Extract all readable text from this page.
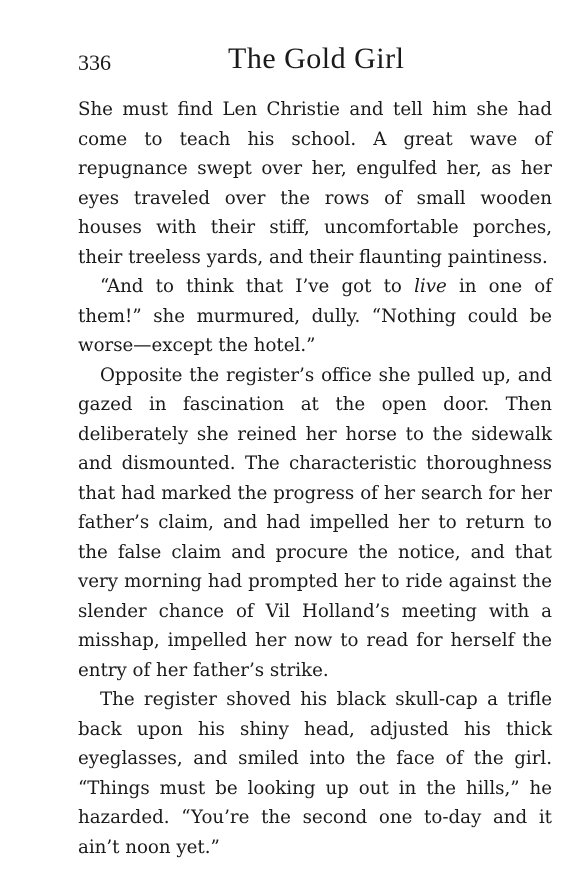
336	The Gold Girl

She must find Len Christie and tell him she had come to teach his school. A great wave of repugnance swept over her, engulfed her, as her eyes traveled over the rows of small wooden houses with their stiff, uncomfortable porches, their treeless yards, and their flaunting paintiness.

“And to think that I’ve got to live in one of them!” she murmured, dully. “Nothing could be worse—except the hotel.”

Opposite the register’s office she pulled up, and gazed in fascination at the open door. Then deliberately she reined her horse to the sidewalk and dismounted. The characteristic thoroughness that had marked the progress of her search for her father’s claim, and had impelled her to return to the false claim and procure the notice, and that very morning had prompted her to ride against the slender chance of Vil Holland’s meeting with a misshap, impelled her now to read for herself the entry of her father’s strike.

The register shoved his black skull-cap a trifle back upon his shiny head, adjusted his thick eyeglasses, and smiled into the face of the girl. “Things must be looking up out in the hills,” he hazarded. “You’re the second one to-day and it ain’t noon yet.”
